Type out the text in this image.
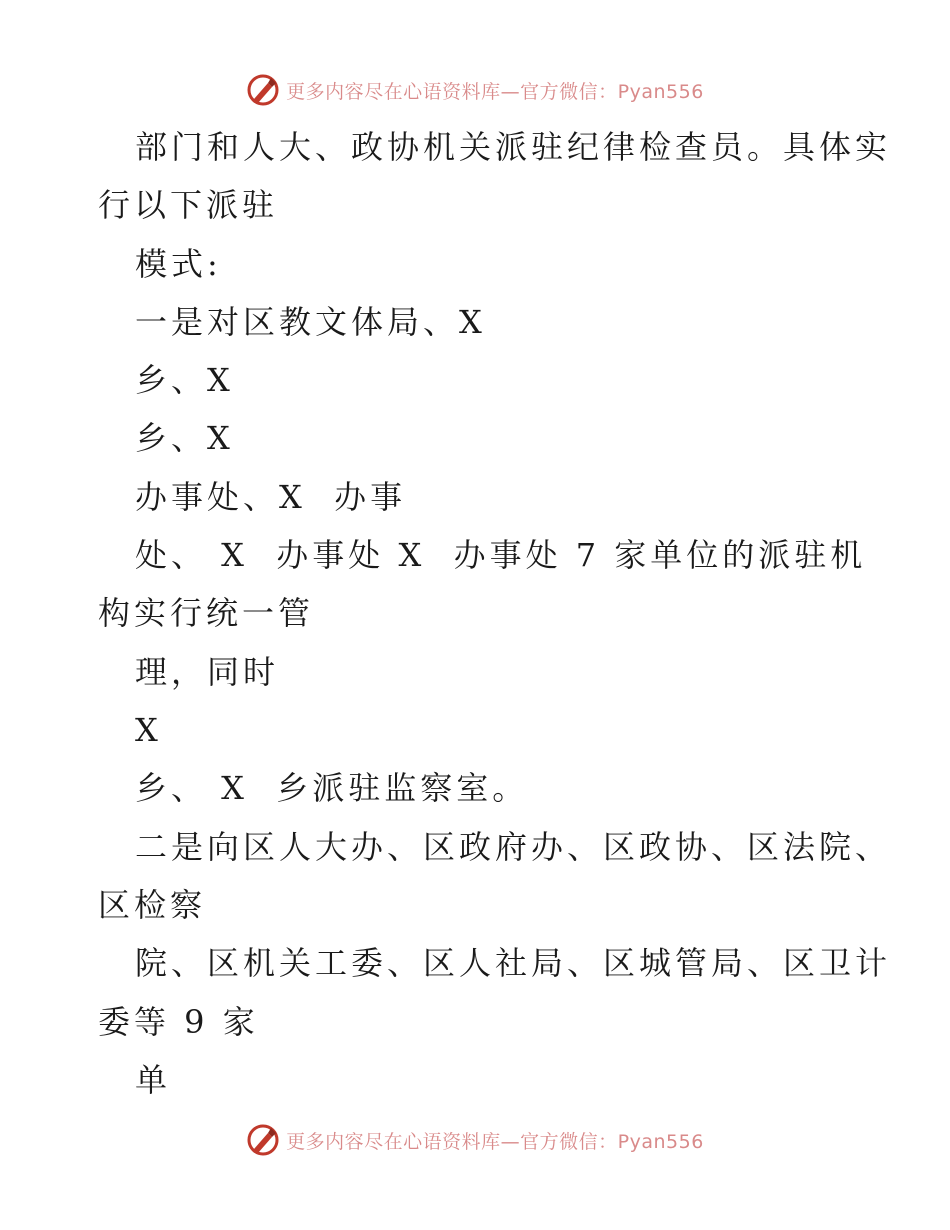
更多内容尽在心语资料库—官方微信：Pyan556
部门和人大、政协机关派驻纪律检查员。具体实
行以下派驻
模式:
一是对区教文体局、X
乡、X
乡、X
办事处、X  办事
处、 X  办事处 X  办事处 7 家单位的派驻机
构实行统一管
理，同时
X
乡、 X  乡派驻监察室。
二是向区人大办、区政府办、区政协、区法院、
区检察
院、区机关工委、区人社局、区城管局、区卫计
委等 9 家
单
更多内容尽在心语资料库—官方微信：Pyan556
